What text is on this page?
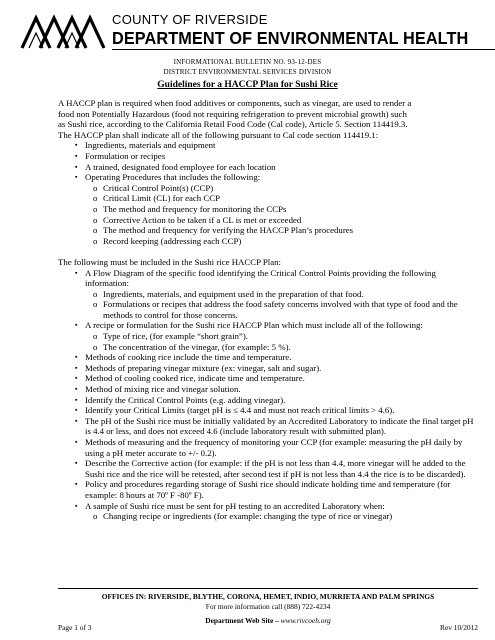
COUNTY OF RIVERSIDE
DEPARTMENT OF ENVIRONMENTAL HEALTH
INFORMATIONAL BULLETIN NO. 93-12-DES
DISTRICT ENVIRONMENTAL SERVICES DIVISION
Guidelines for a HACCP Plan for Sushi Rice

A HACCP plan is required when food additives or components, such as vinegar, are used to render a

food non Potentially Hazardous (food not requiring refrigeration to prevent microbial growth) such

as Sushi rice, according to the California Retail Food Code (Cal code), Article 5. Section 114419.3.

The HACCP plan shall indicate all of the following pursuant to Cal code section 114419.1:

▪ Ingredients, materials and equipment
▪ Formulation or recipes
▪ A trained, designated food employee for each location
▪ Operating Procedures that includes the following:
o Critical Control Point(s) (CCP)
o Critical Limit (CL) for each CCP
o The method and frequency for monitoring the CCPs
o Corrective Action to be taken if a CL is met or exceeded
o The method and frequency for verifying the HACCP Plan’s procedures
o Record keeping (addressing each CCP)

The following must be included in the Sushi rice HACCP Plan:

▪ A Flow Diagram of the specific food identifying the Critical Control Points providing the following information:
o Ingredients, materials, and equipment used in the preparation of that food.
o Formulations or recipes that address the food safety concerns involved with that type of food and the methods to control for those concerns.
▪ A recipe or formulation for the Sushi rice HACCP Plan which must include all of the following:
o Type of rice, (for example “short grain”).
o The concentration of the vinegar, (for example: 5 %).
▪ Methods of cooking rice include the time and temperature.
▪ Methods of preparing vinegar mixture (ex: vinegar, salt and sugar).
▪ Method of cooling cooked rice, indicate time and temperature.
▪ Method of mixing rice and vinegar solution.
▪ Identify the Critical Control Points (e.g. adding vinegar).
▪ Identify your Critical Limits (target pH is ≤ 4.4 and must not reach critical limits > 4.6).
▪ The pH of the Sushi rice must be initially validated by an Accredited Laboratory to indicate the final target pH is 4.4 or less, and does not exceed 4.6 (include laboratory result with submitted plan).
▪ Methods of measuring and the frequency of monitoring your CCP (for example: measuring the pH daily by using a pH meter accurate to +/- 0.2).
▪ Describe the Corrective action (for example: if the pH is not less than 4.4, more vinegar will be added to the Sushi rice and the rice will be retested, after second test if pH is not less than 4.4 the rice is to be discarded).
▪ Policy and procedures regarding storage of Sushi rice should indicate holding time and temperature (for example: 8 hours at 70º F -80º F).
▪ A sample of Sushi rice must be sent for pH testing to an accredited Laboratory when:
o Changing recipe or ingredients (for example: changing the type of rice or vinegar)
OFFICES IN: RIVERSIDE, BLYTHE, CORONA, HEMET, INDIO, MURRIETA AND PALM SPRINGS
For more information call (888) 722-4234
Department Web Site – www.rivcoeh.org
Page 1 of 3	Rev 10/2012
